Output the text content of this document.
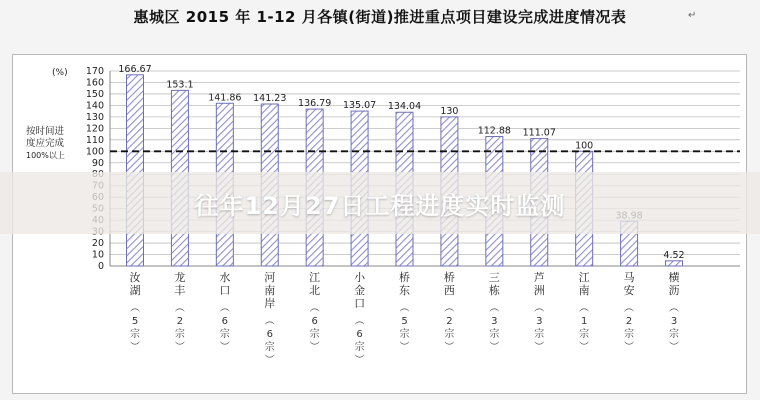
惠城区 2015 年 1-12 月各镇(街道)推进重点项目建设完成进度情况表	↵
0
10
20
90
100
110
120
130
140
150
160
170
(%)	166.67
153.1
141.86 141.23 136.79 135.07 134.04 130
112.88 111.07
100
4.52
按时间进
度应完成
100%以上
汝
湖
︵
5
宗
︶
龙
丰
︵
2
宗
︶
水
口
︵
6
宗
︶
河
南
岸
︵
6
宗
︶
江
北
︵
6
宗
︶
小
金
口
︵
6
宗
︶
桥
东
︵
5
宗
︶
桥
西
︵
2
宗
︶
三
栋
︵
3
宗
︶
芦
洲
︵
3
宗
︶
江
南
︵
1
宗
︶
马
安
︵
2
宗
︶
横
沥
︵
3
宗
︶
往年12月27日工程进度实时监测
